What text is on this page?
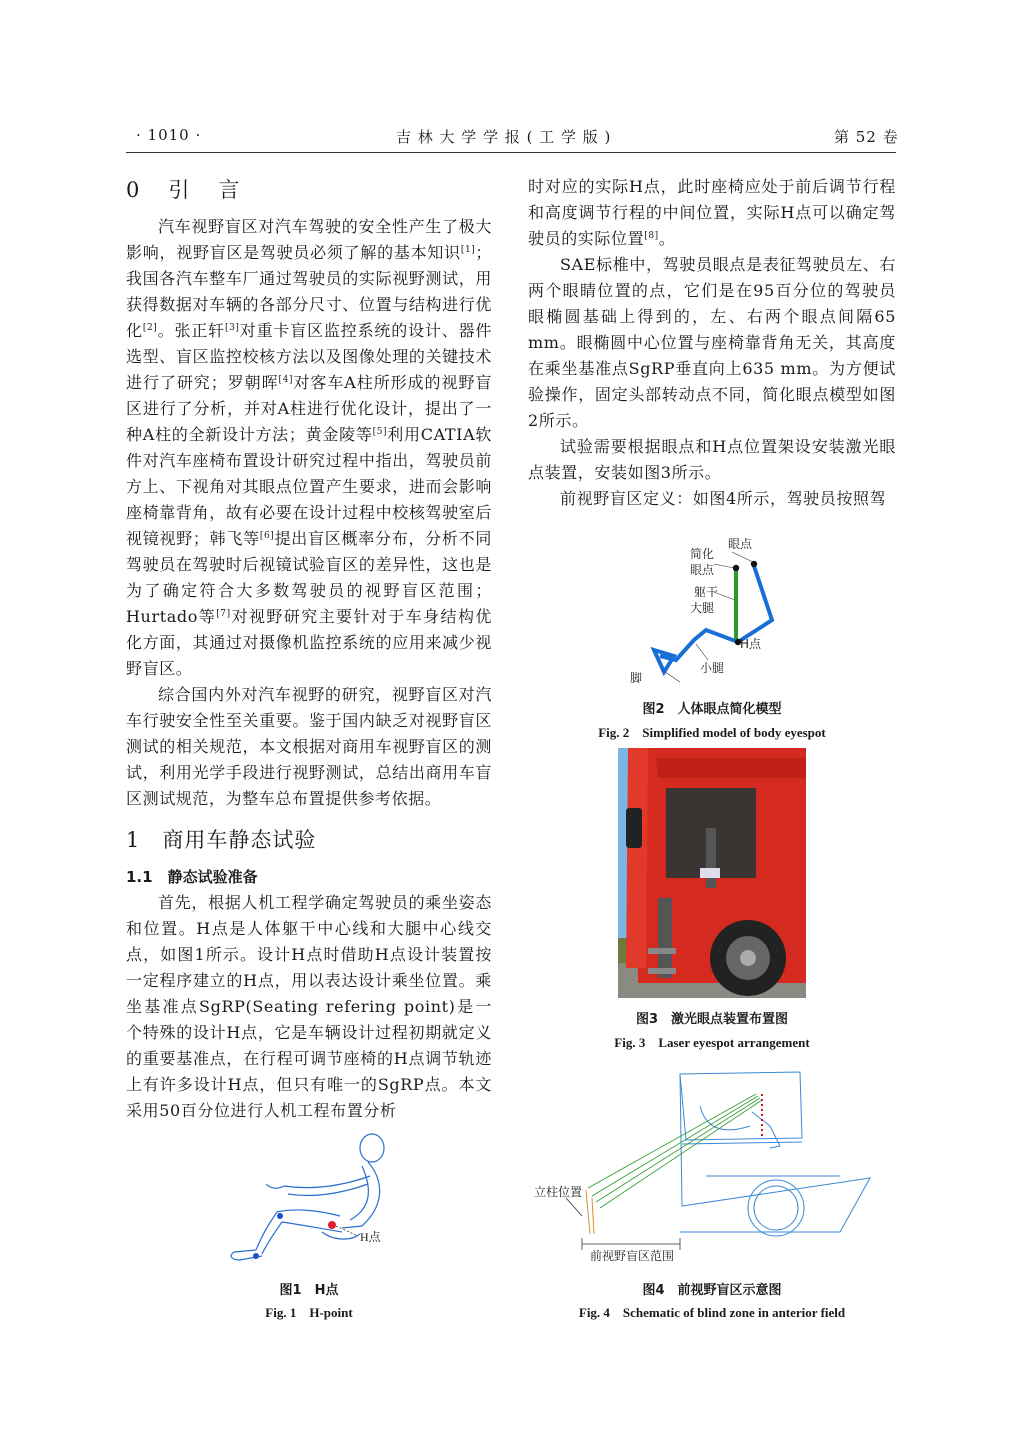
· 1010 ·	吉 林 大 学 学 报 ( 工 学 版 )	第 52 卷
0　引　言

汽车视野盲区对汽车驾驶的安全性产生了极大影响，视野盲区是驾驶员必须了解的基本知识[1]；我国各汽车整车厂通过驾驶员的实际视野测试，用获得数据对车辆的各部分尺寸、位置与结构进行优化[2]。张正轩[3]对重卡盲区监控系统的设计、器件选型、盲区监控校核方法以及图像处理的关键技术进行了研究；罗朝晖[4]对客车A柱所形成的视野盲区进行了分析，并对A柱进行优化设计，提出了一种A柱的全新设计方法；黄金陵等[5]利用CATIA软件对汽车座椅布置设计研究过程中指出，驾驶员前方上、下视角对其眼点位置产生要求，进而会影响座椅靠背角，故有必要在设计过程中校核驾驶室后视镜视野；韩飞等[6]提出盲区概率分布，分析不同驾驶员在驾驶时后视镜试验盲区的差异性，这也是为了确定符合大多数驾驶员的视野盲区范围；Hurtado等[7]对视野研究主要针对于车身结构优化方面，其通过对摄像机监控系统的应用来减少视野盲区。

综合国内外对汽车视野的研究，视野盲区对汽车行驶安全性至关重要。鉴于国内缺乏对视野盲区测试的相关规范，本文根据对商用车视野盲区的测试，利用光学手段进行视野测试，总结出商用车盲区测试规范，为整车总布置提供参考依据。

1　商用车静态试验
1.1　静态试验准备

首先，根据人机工程学确定驾驶员的乘坐姿态和位置。H点是人体躯干中心线和大腿中心线交点，如图1所示。设计H点时借助H点设计装置按一定程序建立的H点，用以表达设计乘坐位置。乘坐基准点SgRP(Seating refering point)是一个特殊的设计H点，它是车辆设计过程初期就定义的重要基准点，在行程可调节座椅的H点调节轨迹上有许多设计H点，但只有唯一的SgRP点。本文采用50百分位进行人机工程布置分析

H点
图1　H点
Fig. 1　H-point

时对应的实际H点，此时座椅应处于前后调节行程和高度调节行程的中间位置，实际H点可以确定驾驶员的实际位置[8]。

SAE标椎中，驾驶员眼点是表征驾驶员左、右两个眼睛位置的点，它们是在95百分位的驾驶员眼椭圆基础上得到的，左、右两个眼点间隔65 mm。眼椭圆中心位置与座椅靠背角无关，其高度在乘坐基准点SgRP垂直向上635 mm。为方便试验操作，固定头部转动点不同，简化眼点模型如图2所示。

试验需要根据眼点和H点位置架设安装激光眼点装置，安装如图3所示。

前视野盲区定义：如图4所示，驾驶员按照驾

眼点
简化
眼点
躯干
大腿
H点
小腿
脚
图2　人体眼点简化模型
Fig. 2　Simplified model of body eyespot
图3　激光眼点装置布置图
Fig. 3　Laser eyespot arrangement
立柱位置
前视野盲区范围
图4　前视野盲区示意图
Fig. 4　Schematic of blind zone in anterior field
